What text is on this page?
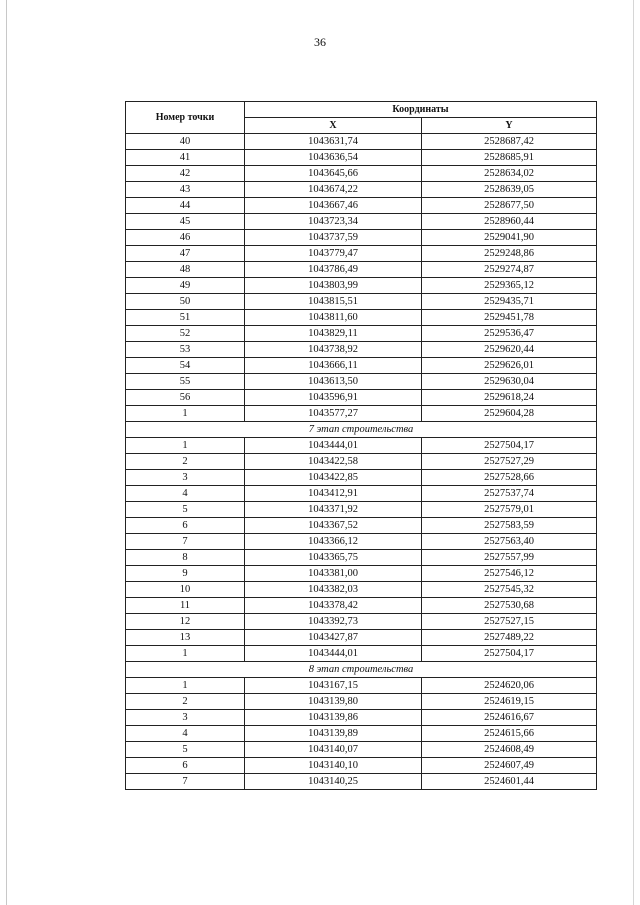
36
Номер точки	Координаты	
	X	Y
40	1043631,74	2528687,42
41	1043636,54	2528685,91
42	1043645,66	2528634,02
43	1043674,22	2528639,05
44	1043667,46	2528677,50
45	1043723,34	2528960,44
46	1043737,59	2529041,90
47	1043779,47	2529248,86
48	1043786,49	2529274,87
49	1043803,99	2529365,12
50	1043815,51	2529435,71
51	1043811,60	2529451,78
52	1043829,11	2529536,47
53	1043738,92	2529620,44
54	1043666,11	2529626,01
55	1043613,50	2529630,04
56	1043596,91	2529618,24
1	1043577,27	2529604,28
7 этап строительства		
1	1043444,01	2527504,17
2	1043422,58	2527527,29
3	1043422,85	2527528,66
4	1043412,91	2527537,74
5	1043371,92	2527579,01
6	1043367,52	2527583,59
7	1043366,12	2527563,40
8	1043365,75	2527557,99
9	1043381,00	2527546,12
10	1043382,03	2527545,32
11	1043378,42	2527530,68
12	1043392,73	2527527,15
13	1043427,87	2527489,22
1	1043444,01	2527504,17
8 этап строительства		
1	1043167,15	2524620,06
2	1043139,80	2524619,15
3	1043139,86	2524616,67
4	1043139,89	2524615,66
5	1043140,07	2524608,49
6	1043140,10	2524607,49
7	1043140,25	2524601,44
